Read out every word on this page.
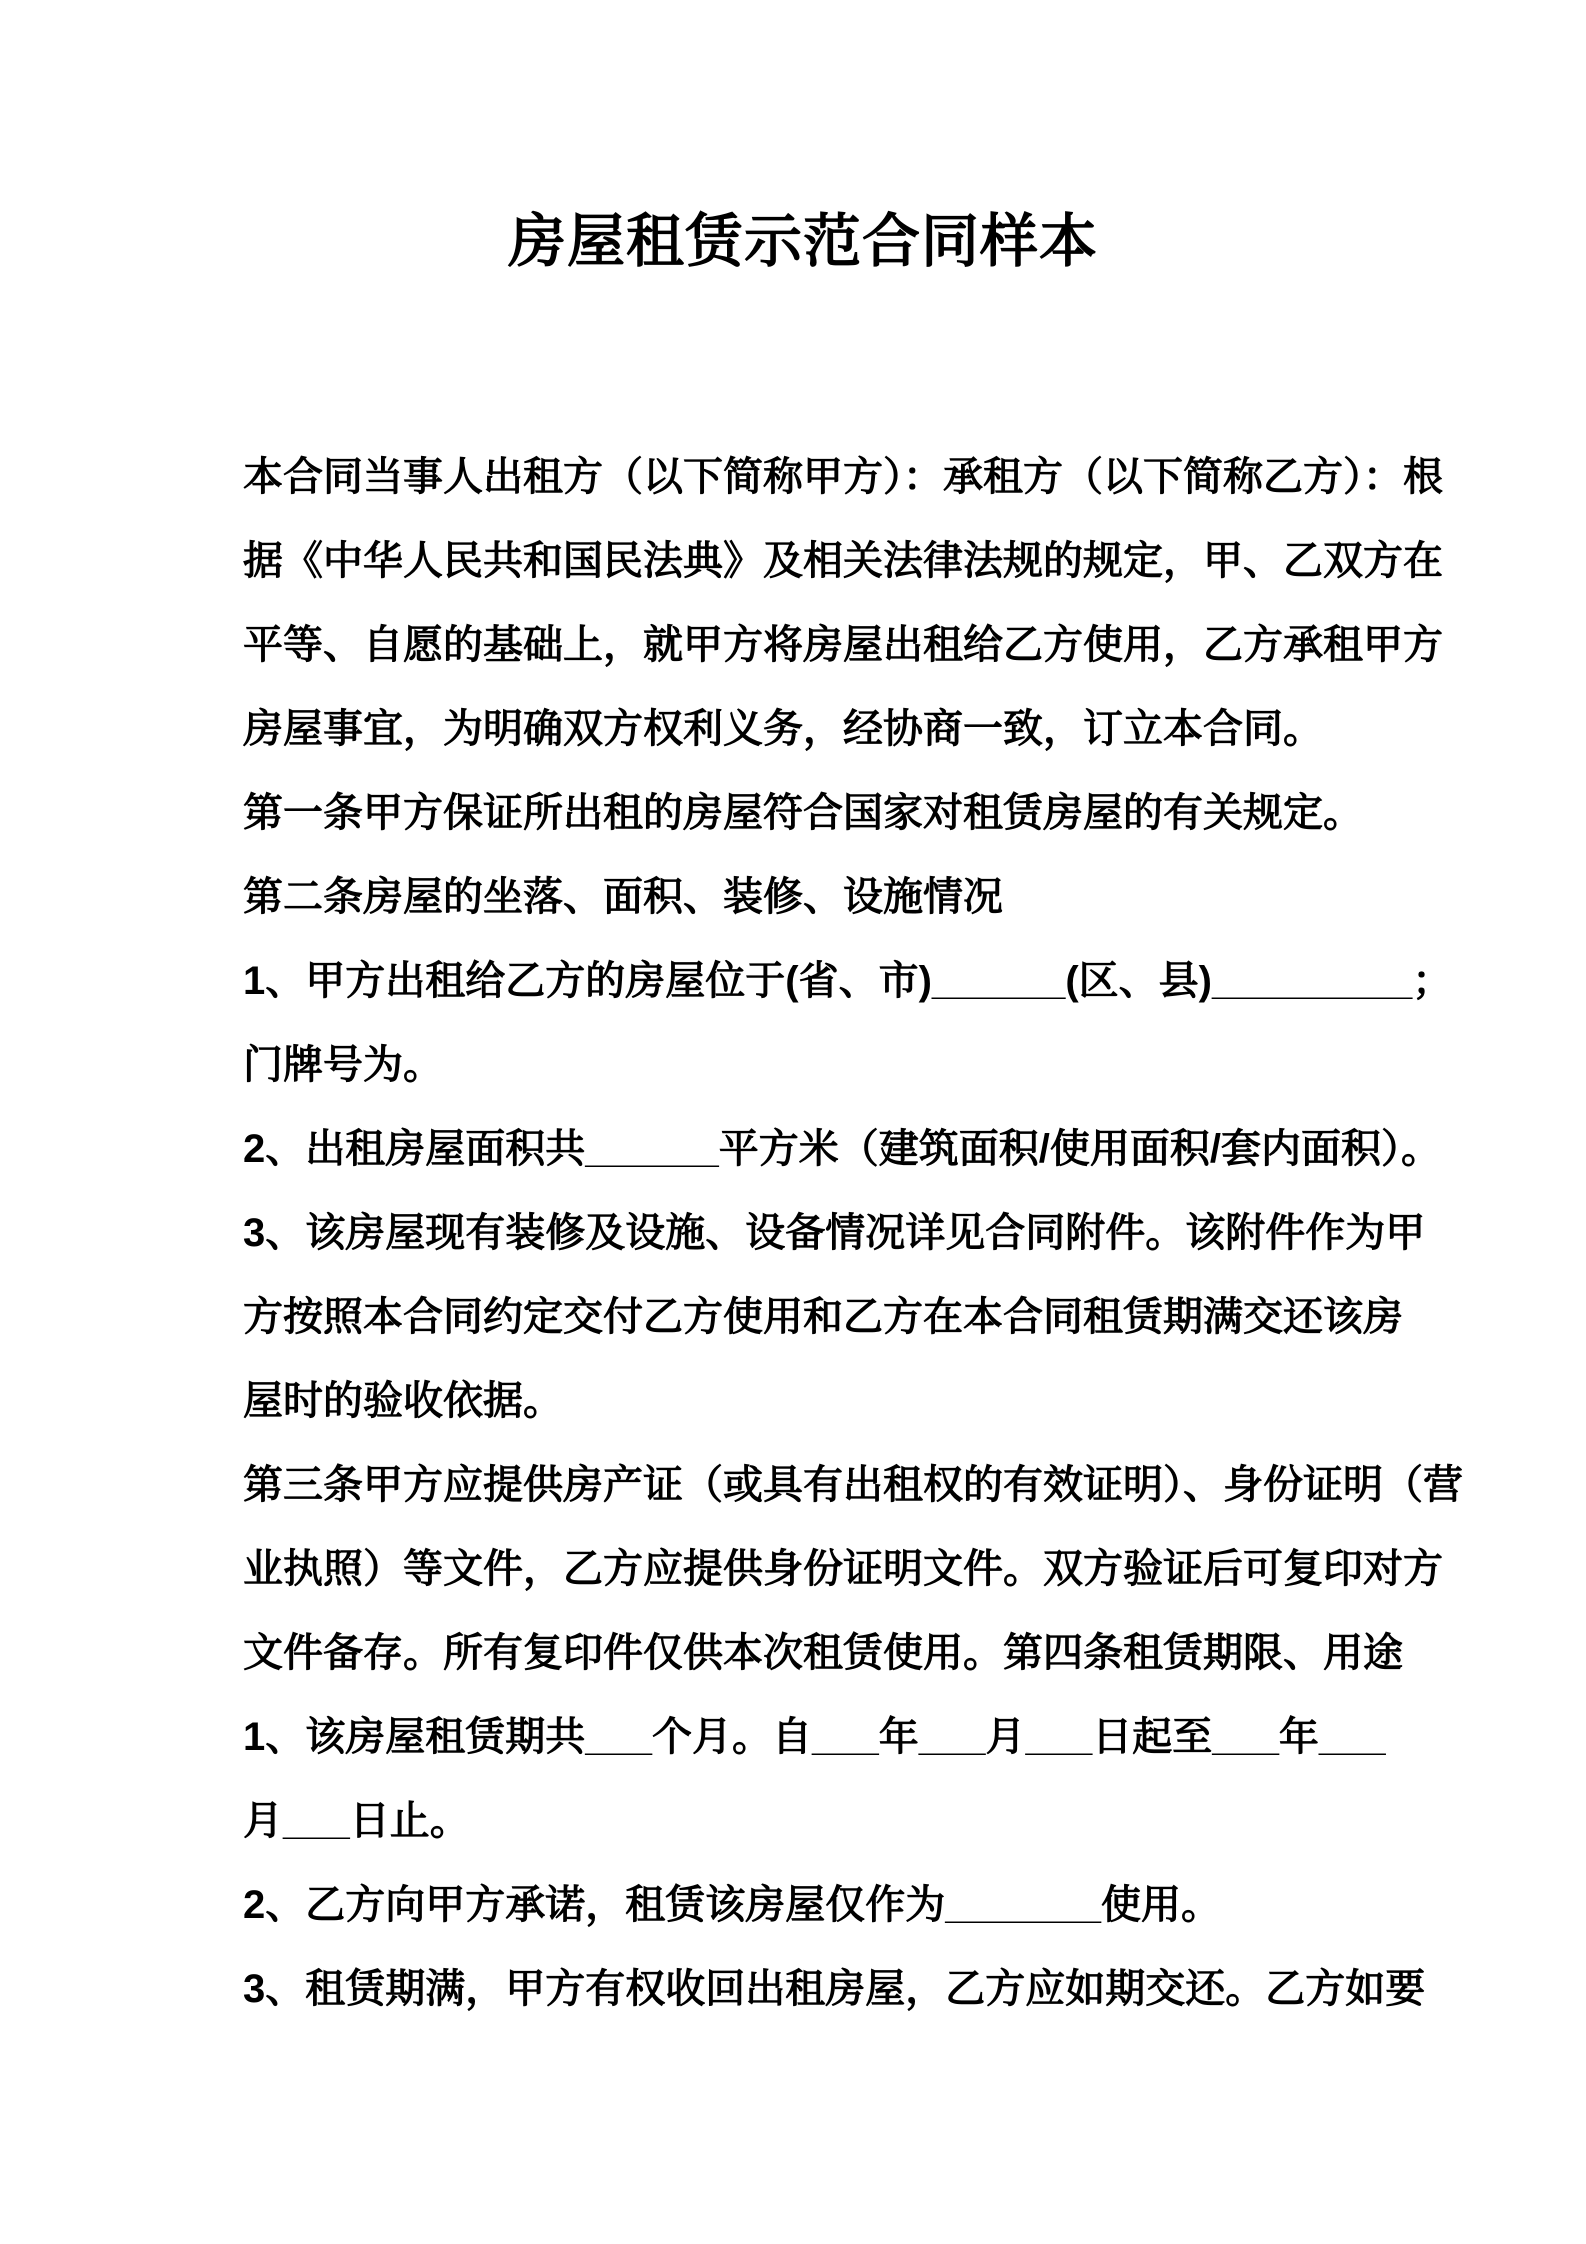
房屋租赁示范合同样本
本合同当事人出租方（以下简称甲方）：承租方（以下简称乙方）：根
据《中华人民共和国民法典》及相关法律法规的规定，甲、乙双方在
平等、自愿的基础上，就甲方将房屋出租给乙方使用，乙方承租甲方
房屋事宜，为明确双方权利义务，经协商一致，订立本合同。
第一条甲方保证所出租的房屋符合国家对租赁房屋的有关规定。
第二条房屋的坐落、面积、装修、设施情况
1、甲方出租给乙方的房屋位于(省、市)______(区、县)_________；
门牌号为。
2、出租房屋面积共______平方米（建筑面积/使用面积/套内面积）。
3、该房屋现有装修及设施、设备情况详见合同附件。该附件作为甲
方按照本合同约定交付乙方使用和乙方在本合同租赁期满交还该房
屋时的验收依据。
第三条甲方应提供房产证（或具有出租权的有效证明）、身份证明（营
业执照）等文件，乙方应提供身份证明文件。双方验证后可复印对方
文件备存。所有复印件仅供本次租赁使用。第四条租赁期限、用途
1、该房屋租赁期共___个月。自___年___月___日起至___年___
月___日止。
2、乙方向甲方承诺，租赁该房屋仅作为_______使用。
3、租赁期满，甲方有权收回出租房屋，乙方应如期交还。乙方如要
